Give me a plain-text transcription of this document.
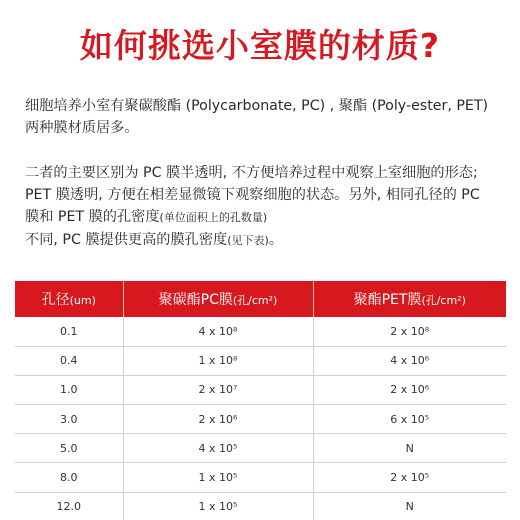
如何挑选小室膜的材质?

细胞培养小室有聚碳酸酯 (Polycarbonate, PC) , 聚酯 (Poly-ester, PET) 两种膜材质居多。

二者的主要区别为 PC 膜半透明, 不方便培养过程中观察上室细胞的形态; PET 膜透明, 方便在相差显微镜下观察细胞的状态。另外, 相同孔径的 PC 膜和 PET 膜的孔密度(单位面积上的孔数量)
不同, PC 膜提供更高的膜孔密度(见下表)。

孔径(um)	聚碳酯PC膜(孔/cm²)	聚酯PET膜(孔/cm²)
0.1	4 x 10⁸	2 x 10⁸
0.4	1 x 10⁸	4 x 10⁶
1.0	2 x 10⁷	2 x 10⁶
3.0	2 x 10⁶	6 x 10⁵
5.0	4 x 10⁵	N
8.0	1 x 10⁵	2 x 10⁵
12.0	1 x 10⁵	N
